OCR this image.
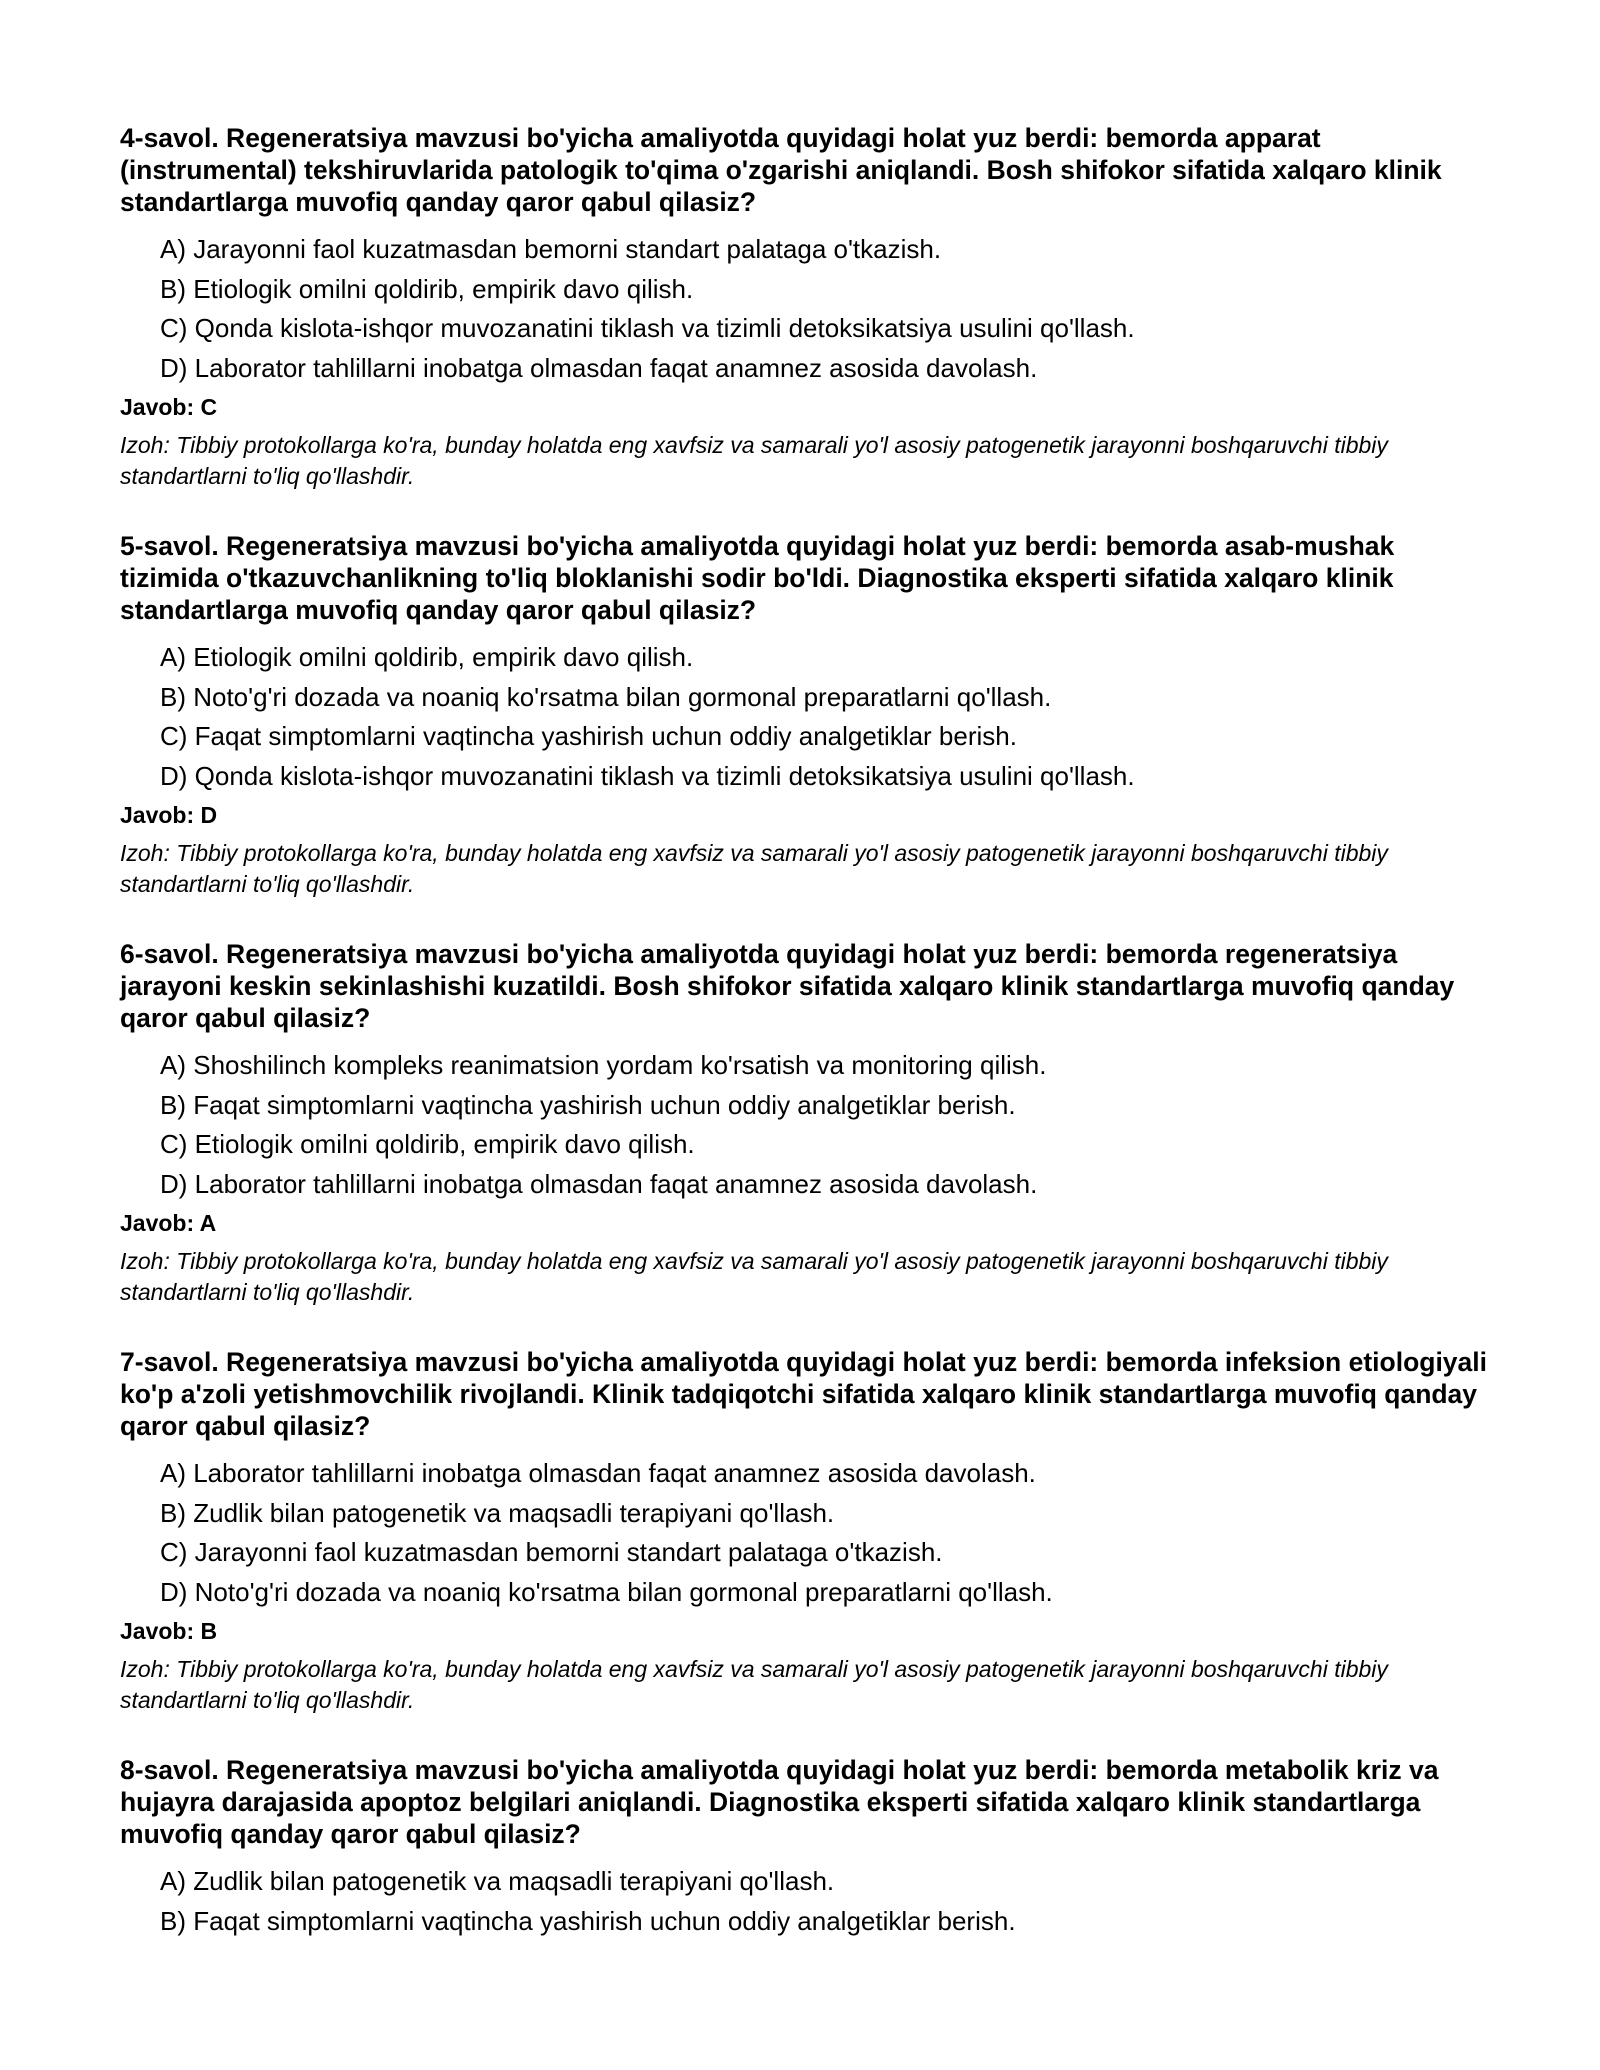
4-savol. Regeneratsiya mavzusi bo'yicha amaliyotda quyidagi holat yuz berdi: bemorda apparat (instrumental) tekshiruvlarida patologik to'qima o'zgarishi aniqlandi. Bosh shifokor sifatida xalqaro klinik standartlarga muvofiq qanday qaror qabul qilasiz?
A) Jarayonni faol kuzatmasdan bemorni standart palataga o'tkazish.
B) Etiologik omilni qoldirib, empirik davo qilish.
C) Qonda kislota-ishqor muvozanatini tiklash va tizimli detoksikatsiya usulini qo'llash.
D) Laborator tahlillarni inobatga olmasdan faqat anamnez asosida davolash.
Javob: C
Izoh: Tibbiy protokollarga ko'ra, bunday holatda eng xavfsiz va samarali yo'l asosiy patogenetik jarayonni boshqaruvchi tibbiy standartlarni to'liq qo'llashdir.
5-savol. Regeneratsiya mavzusi bo'yicha amaliyotda quyidagi holat yuz berdi: bemorda asab-mushak tizimida o'tkazuvchanlikning to'liq bloklanishi sodir bo'ldi. Diagnostika eksperti sifatida xalqaro klinik standartlarga muvofiq qanday qaror qabul qilasiz?
A) Etiologik omilni qoldirib, empirik davo qilish.
B) Noto'g'ri dozada va noaniq ko'rsatma bilan gormonal preparatlarni qo'llash.
C) Faqat simptomlarni vaqtincha yashirish uchun oddiy analgetiklar berish.
D) Qonda kislota-ishqor muvozanatini tiklash va tizimli detoksikatsiya usulini qo'llash.
Javob: D
Izoh: Tibbiy protokollarga ko'ra, bunday holatda eng xavfsiz va samarali yo'l asosiy patogenetik jarayonni boshqaruvchi tibbiy standartlarni to'liq qo'llashdir.
6-savol. Regeneratsiya mavzusi bo'yicha amaliyotda quyidagi holat yuz berdi: bemorda regeneratsiya jarayoni keskin sekinlashishi kuzatildi. Bosh shifokor sifatida xalqaro klinik standartlarga muvofiq qanday qaror qabul qilasiz?
A) Shoshilinch kompleks reanimatsion yordam ko'rsatish va monitoring qilish.
B) Faqat simptomlarni vaqtincha yashirish uchun oddiy analgetiklar berish.
C) Etiologik omilni qoldirib, empirik davo qilish.
D) Laborator tahlillarni inobatga olmasdan faqat anamnez asosida davolash.
Javob: A
Izoh: Tibbiy protokollarga ko'ra, bunday holatda eng xavfsiz va samarali yo'l asosiy patogenetik jarayonni boshqaruvchi tibbiy standartlarni to'liq qo'llashdir.
7-savol. Regeneratsiya mavzusi bo'yicha amaliyotda quyidagi holat yuz berdi: bemorda infeksion etiologiyali ko'p a'zoli yetishmovchilik rivojlandi. Klinik tadqiqotchi sifatida xalqaro klinik standartlarga muvofiq qanday qaror qabul qilasiz?
A) Laborator tahlillarni inobatga olmasdan faqat anamnez asosida davolash.
B) Zudlik bilan patogenetik va maqsadli terapiyani qo'llash.
C) Jarayonni faol kuzatmasdan bemorni standart palataga o'tkazish.
D) Noto'g'ri dozada va noaniq ko'rsatma bilan gormonal preparatlarni qo'llash.
Javob: B
Izoh: Tibbiy protokollarga ko'ra, bunday holatda eng xavfsiz va samarali yo'l asosiy patogenetik jarayonni boshqaruvchi tibbiy standartlarni to'liq qo'llashdir.
8-savol. Regeneratsiya mavzusi bo'yicha amaliyotda quyidagi holat yuz berdi: bemorda metabolik kriz va hujayra darajasida apoptoz belgilari aniqlandi. Diagnostika eksperti sifatida xalqaro klinik standartlarga muvofiq qanday qaror qabul qilasiz?
A) Zudlik bilan patogenetik va maqsadli terapiyani qo'llash.
B) Faqat simptomlarni vaqtincha yashirish uchun oddiy analgetiklar berish.
